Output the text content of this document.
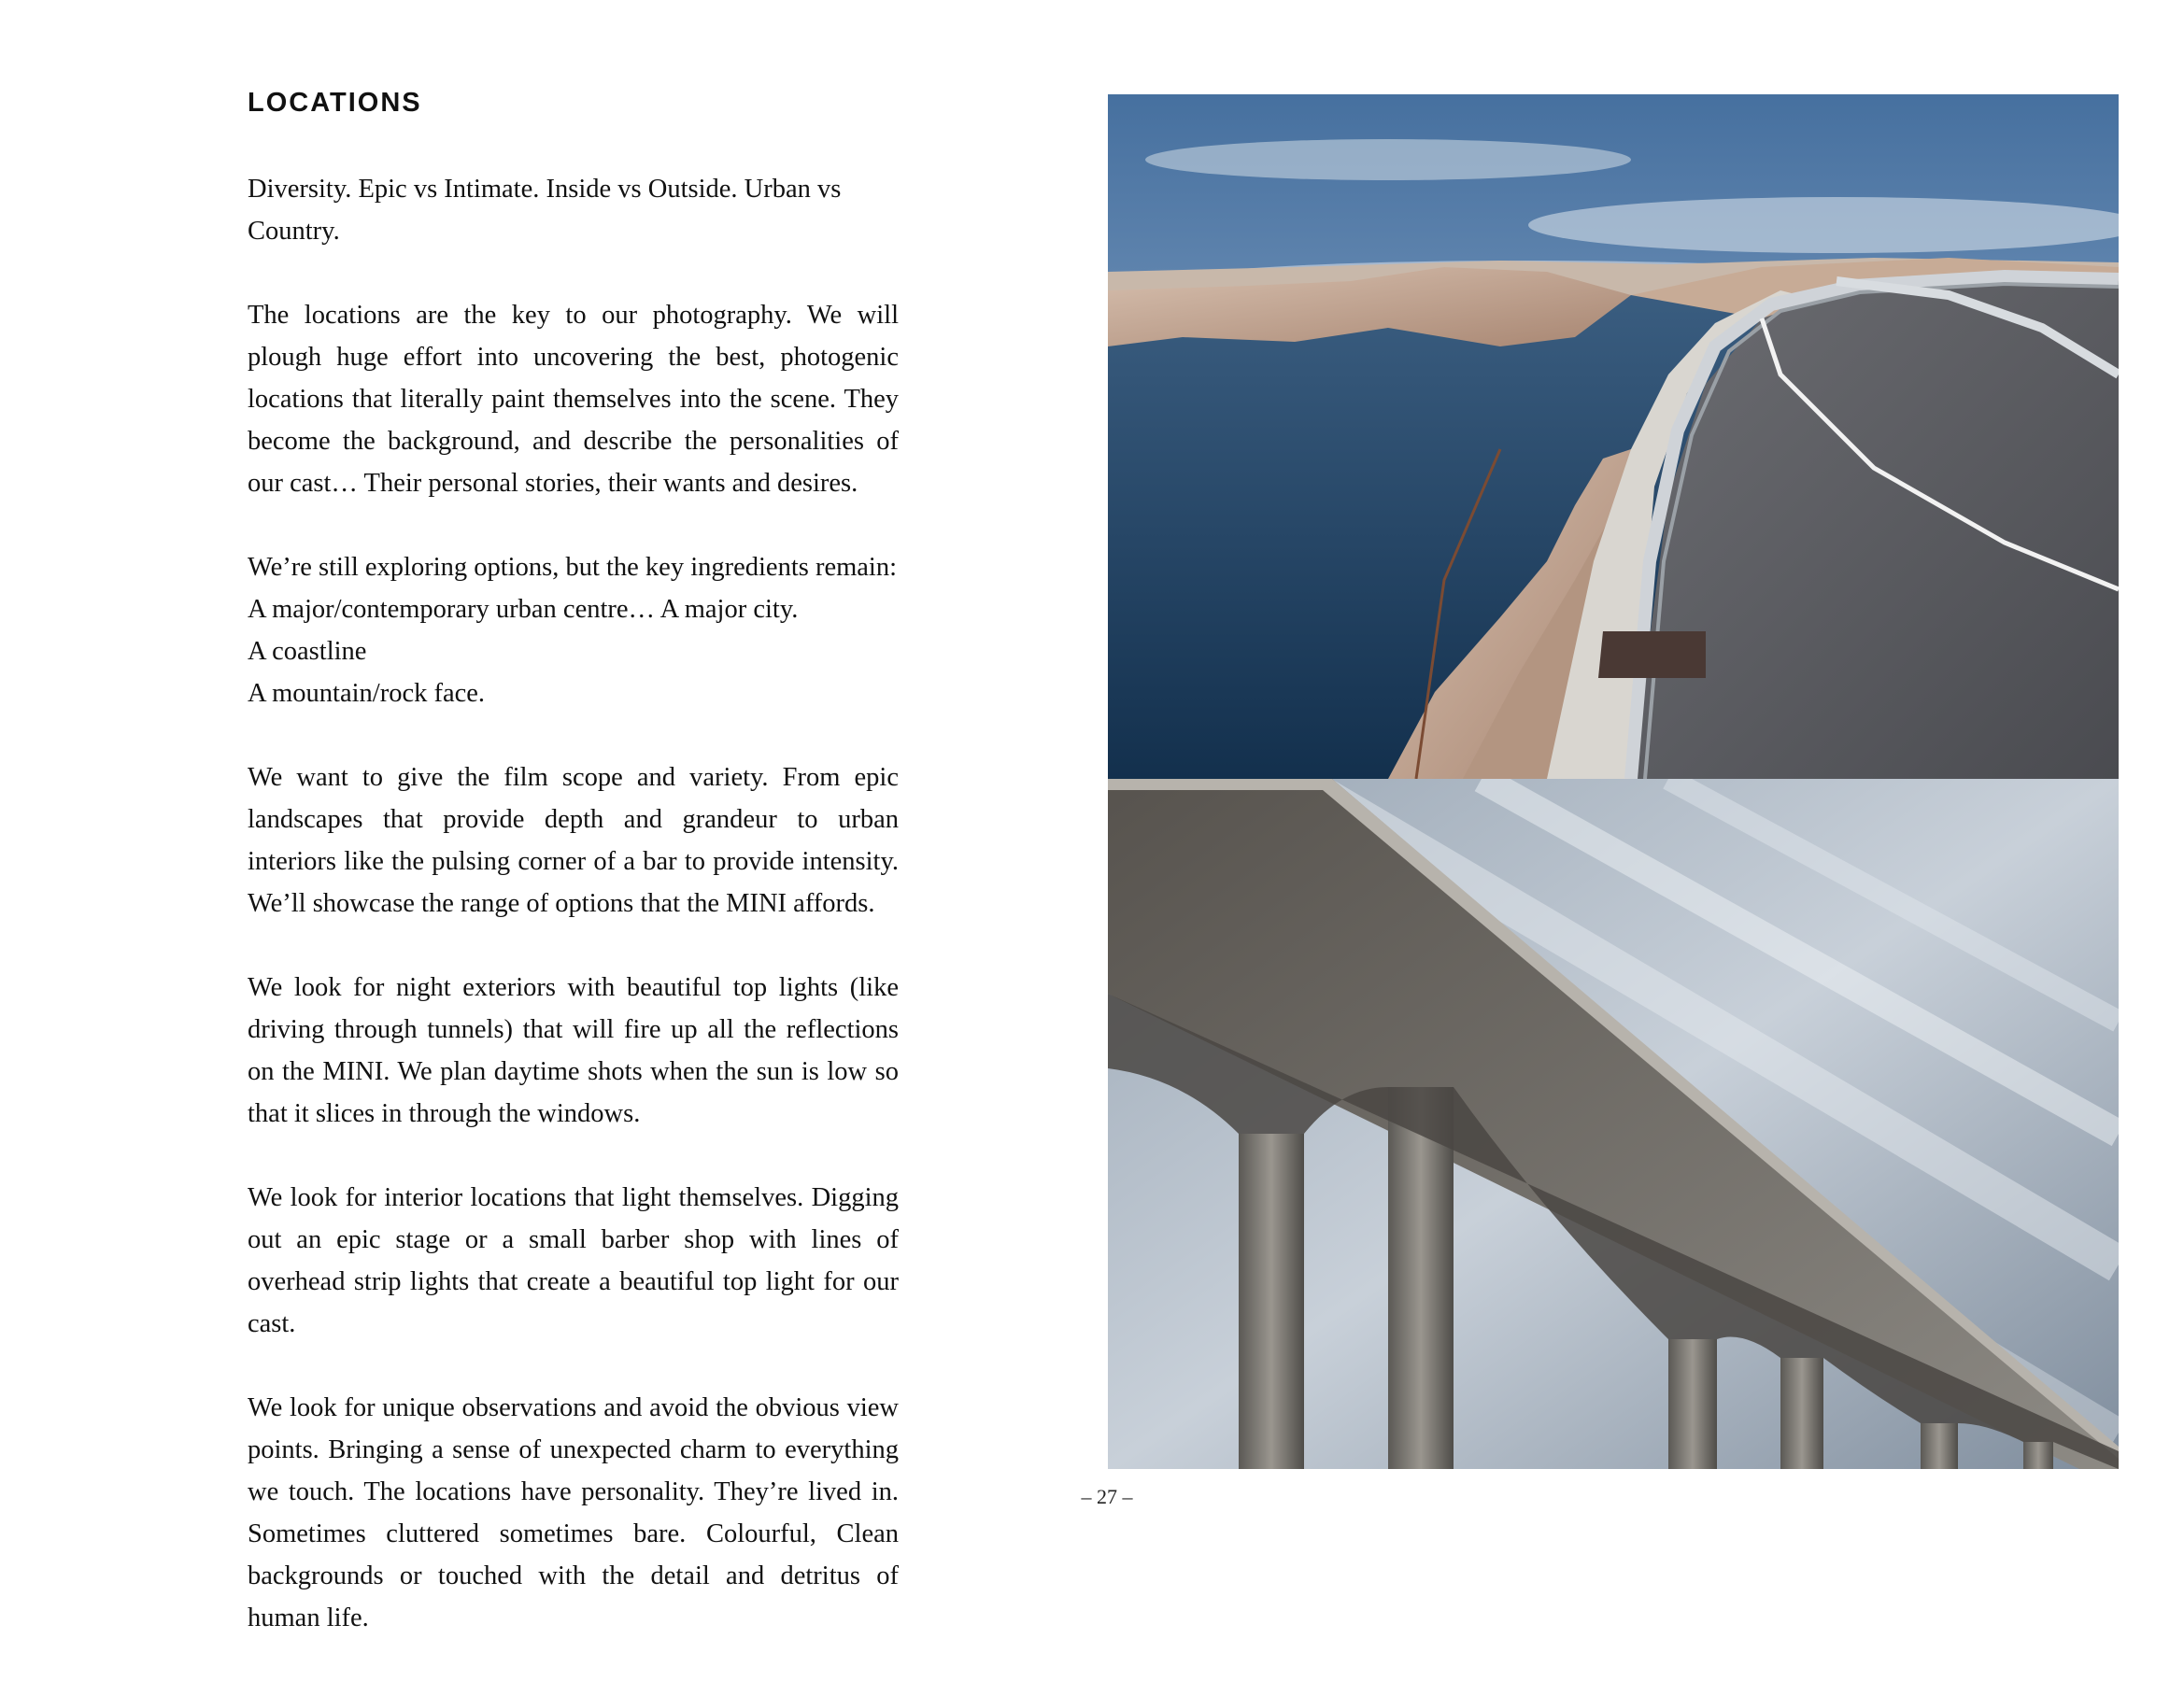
LOCATIONS

Diversity. Epic vs Intimate. Inside vs Outside. Urban vs Country.

The locations are the key to our photography. We will plough huge effort into uncovering the best, photogenic locations that literally paint themselves into the scene. They become the background, and describe the personalities of our cast… Their personal stories, their wants and desires.

We’re still exploring options, but the key ingredients remain:
A major/contemporary urban centre… A major city.
A coastline
A mountain/rock face.

We want to give the film scope and variety. From epic landscapes that provide depth and grandeur to urban interiors like the pulsing corner of a bar to provide intensity. We’ll showcase the range of options that the MINI affords.

We look for night exteriors with beautiful top lights (like driving through tunnels) that will fire up all the reflections on the MINI. We plan daytime shots when the sun is low so that it slices in through the windows.

We look for interior locations that light themselves. Digging out an epic stage or a small barber shop with lines of overhead strip lights that create a beautiful top light for our cast.

We look for unique observations and avoid the obvious view points. Bringing a sense of unexpected charm to everything we touch. The locations have personality. They’re lived in. Sometimes cluttered sometimes bare. Colourful, Clean backgrounds or touched with the detail and detritus of human life.

– 27 –
